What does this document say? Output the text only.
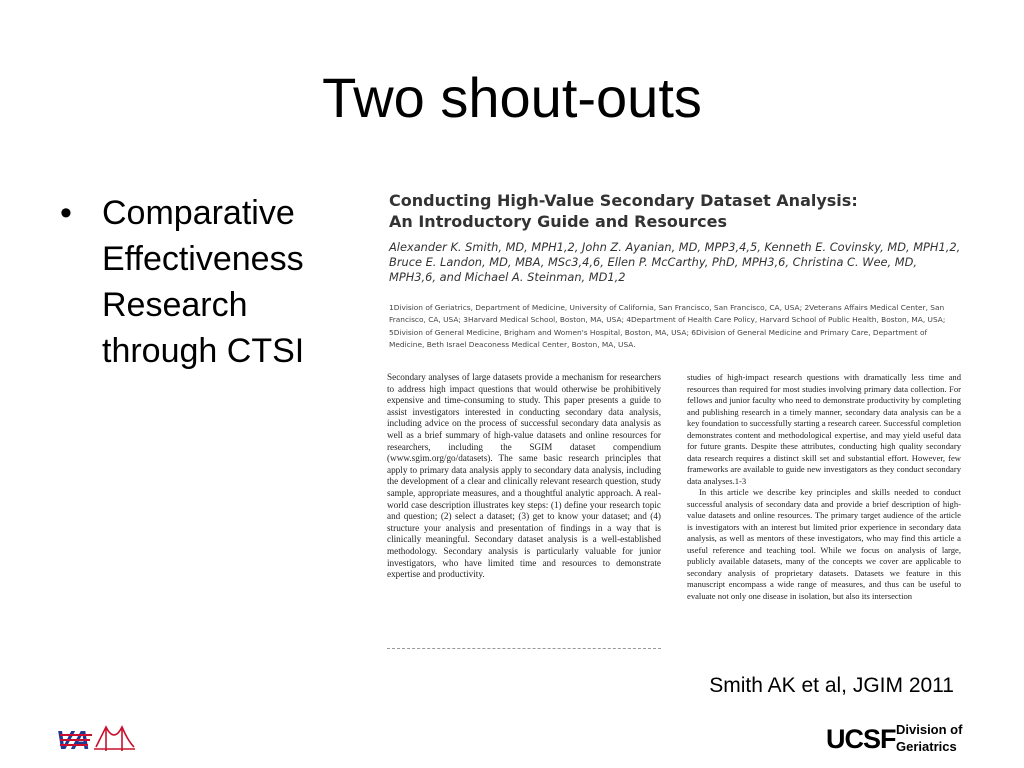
Two shout-outs
• Comparative
Effectiveness
Research
through CTSI
Conducting High-Value Secondary Dataset Analysis:
An Introductory Guide and Resources
Alexander K. Smith, MD, MPH1,2, John Z. Ayanian, MD, MPP3,4,5, Kenneth E. Covinsky, MD, MPH1,2, Bruce E. Landon, MD, MBA, MSc3,4,6, Ellen P. McCarthy, PhD, MPH3,6, Christina C. Wee, MD, MPH3,6, and Michael A. Steinman, MD1,2
1Division of Geriatrics, Department of Medicine, University of California, San Francisco, San Francisco, CA, USA; 2Veterans Affairs Medical Center, San Francisco, CA, USA; 3Harvard Medical School, Boston, MA, USA; 4Department of Health Care Policy, Harvard School of Public Health, Boston, MA, USA; 5Division of General Medicine, Brigham and Women's Hospital, Boston, MA, USA; 6Division of General Medicine and Primary Care, Department of Medicine, Beth Israel Deaconess Medical Center, Boston, MA, USA.

Secondary analyses of large datasets provide a mechanism for researchers to address high impact questions that would otherwise be prohibitively expensive and time-consuming to study. This paper presents a guide to assist investigators interested in conducting secondary data analysis, including advice on the process of successful secondary data analysis as well as a brief summary of high-value datasets and online resources for researchers, including the SGIM dataset compendium (www.sgim.org/go/datasets). The same basic research principles that apply to primary data analysis apply to secondary data analysis, including the development of a clear and clinically relevant research question, study sample, appropriate measures, and a thoughtful analytic approach. A real-world case description illustrates key steps: (1) define your research topic and question; (2) select a dataset; (3) get to know your dataset; and (4) structure your analysis and presentation of findings in a way that is clinically meaningful. Secondary dataset analysis is a well-established methodology. Secondary analysis is particularly valuable for junior investigators, who have limited time and resources to demonstrate expertise and productivity.

studies of high-impact research questions with dramatically less time and resources than required for most studies involving primary data collection. For fellows and junior faculty who need to demonstrate productivity by completing and publishing research in a timely manner, secondary data analysis can be a key foundation to successfully starting a research career. Successful completion demonstrates content and methodological expertise, and may yield useful data for future grants. Despite these attributes, conducting high quality secondary data research requires a distinct skill set and substantial effort. However, few frameworks are available to guide new investigators as they conduct secondary data analyses.1-3

In this article we describe key principles and skills needed to conduct successful analysis of secondary data and provide a brief description of high-value datasets and online resources. The primary target audience of the article is investigators with an interest but limited prior experience in secondary data analysis, as well as mentors of these investigators, who may find this article a useful reference and teaching tool. While we focus on analysis of large, publicly available datasets, many of the concepts we cover are applicable to secondary analysis of proprietary datasets. Datasets we feature in this manuscript encompass a wide range of measures, and thus can be useful to evaluate not only one disease in isolation, but also its intersection

Smith AK et al, JGIM 2011
VA	UCSF Division of
Geriatrics
